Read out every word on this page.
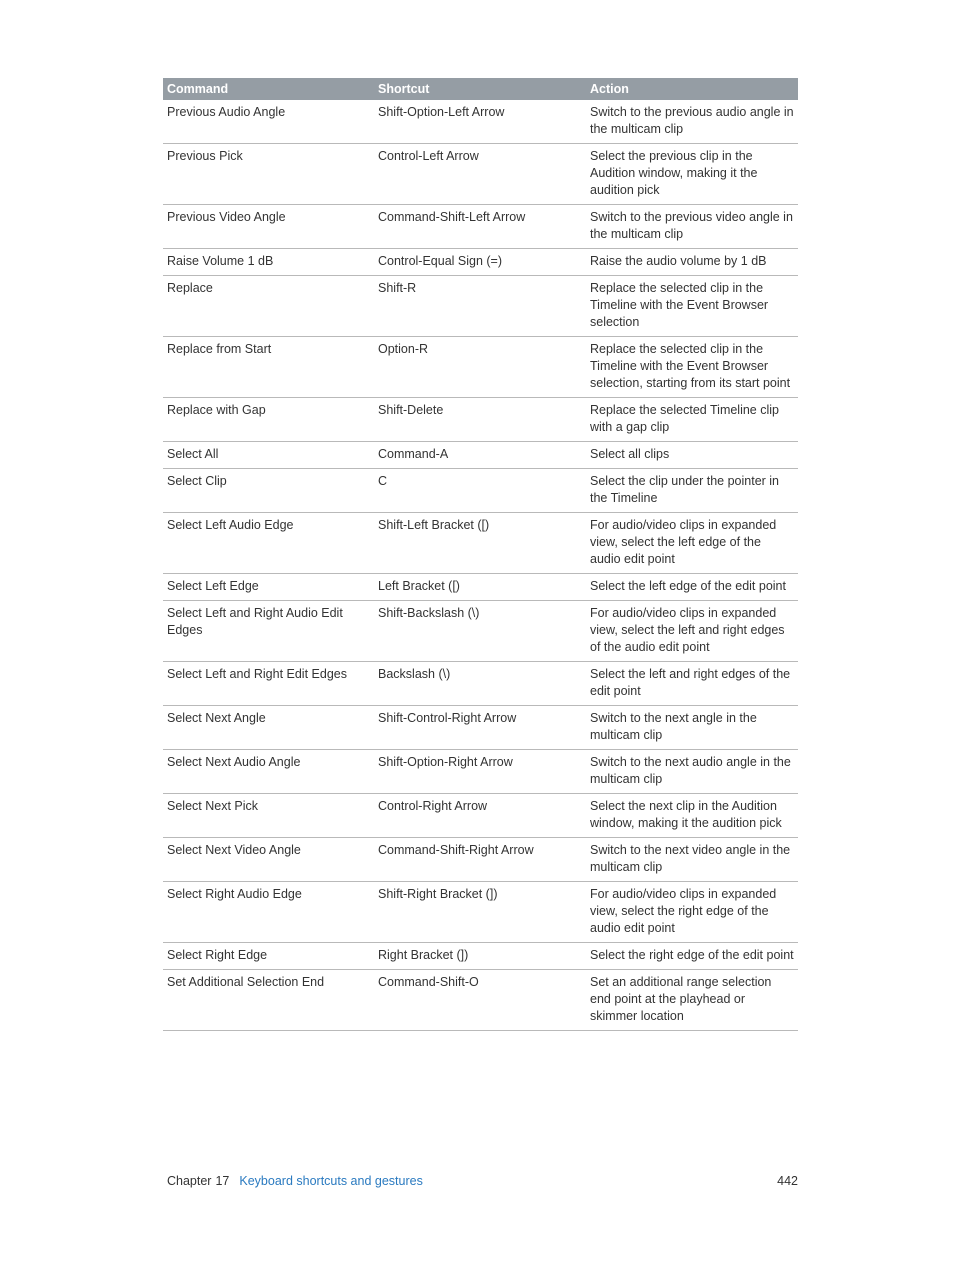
Command	Shortcut	Action
Previous Audio Angle	Shift-Option-Left Arrow	Switch to the previous audio angle in the multicam clip
Previous Pick	Control-Left Arrow	Select the previous clip in the Audition window, making it the audition pick
Previous Video Angle	Command-Shift-Left Arrow	Switch to the previous video angle in the multicam clip
Raise Volume 1 dB	Control-Equal Sign (=)	Raise the audio volume by 1 dB
Replace	Shift-R	Replace the selected clip in the Timeline with the Event Browser selection
Replace from Start	Option-R	Replace the selected clip in the Timeline with the Event Browser selection, starting from its start point
Replace with Gap	Shift-Delete	Replace the selected Timeline clip with a gap clip
Select All	Command-A	Select all clips
Select Clip	C	Select the clip under the pointer in the Timeline
Select Left Audio Edge	Shift-Left Bracket ([)	For audio/video clips in expanded view, select the left edge of the audio edit point
Select Left Edge	Left Bracket ([)	Select the left edge of the edit point
Select Left and Right Audio Edit Edges	Shift-Backslash (\)	For audio/video clips in expanded view, select the left and right edges of the audio edit point
Select Left and Right Edit Edges	Backslash (\)	Select the left and right edges of the edit point
Select Next Angle	Shift-Control-Right Arrow	Switch to the next angle in the multicam clip
Select Next Audio Angle	Shift-Option-Right Arrow	Switch to the next audio angle in the multicam clip
Select Next Pick	Control-Right Arrow	Select the next clip in the Audition window, making it the audition pick
Select Next Video Angle	Command-Shift-Right Arrow	Switch to the next video angle in the multicam clip
Select Right Audio Edge	Shift-Right Bracket (])	For audio/video clips in expanded view, select the right edge of the audio edit point
Select Right Edge	Right Bracket (])	Select the right edge of the edit point
Set Additional Selection End	Command-Shift-O	Set an additional range selection end point at the playhead or skimmer location
Chapter 17 Keyboard shortcuts and gestures	442
